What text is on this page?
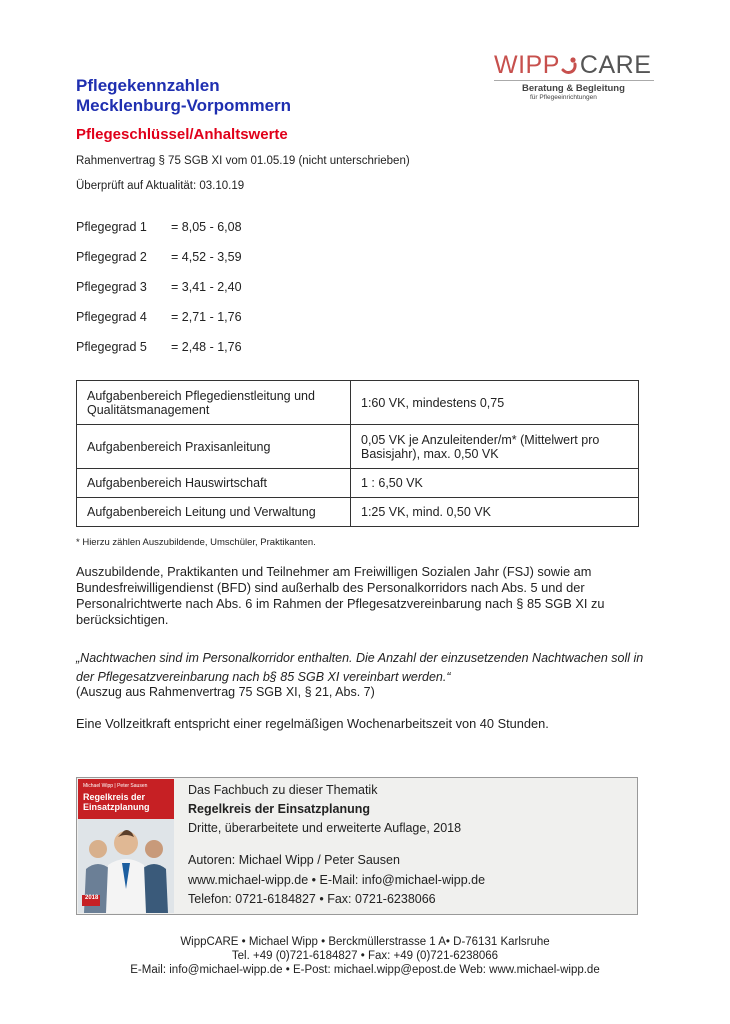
Pflegekennzahlen
Mecklenburg-Vorpommern
Pflegeschlüssel/Anhaltswerte
Rahmenvertrag § 75 SGB XI vom 01.05.19 (nicht unterschrieben)
Überprüft auf Aktualität: 03.10.19
WIPP CARE
Beratung & Begleitung
für Pflegeeinrichtungen
Pflegegrad 1 = 8,05 - 6,08
Pflegegrad 2 = 4,52 - 3,59
Pflegegrad 3 = 3,41 - 2,40
Pflegegrad 4 = 2,71 - 1,76
Pflegegrad 5 = 2,48 - 1,76
Aufgabenbereich Pflegedienstleitung und Qualitätsmanagement	1:60 VK, mindestens 0,75
Aufgabenbereich Praxisanleitung	0,05 VK je Anzuleitender/m* (Mittelwert pro Basisjahr), max. 0,50 VK
Aufgabenbereich Hauswirtschaft	1 : 6,50 VK
Aufgabenbereich Leitung und Verwaltung	1:25 VK, mind. 0,50 VK
* Hierzu zählen Auszubildende, Umschüler, Praktikanten.
Auszubildende, Praktikanten und Teilnehmer am Freiwilligen Sozialen Jahr (FSJ) sowie am Bundesfreiwilligendienst (BFD) sind außerhalb des Personalkorridors nach Abs. 5 und der Personalrichtwerte nach Abs. 6 im Rahmen der Pflegesatzvereinbarung nach § 85 SGB XI zu berücksichtigen.
„Nachtwachen sind im Personalkorridor enthalten. Die Anzahl der einzusetzenden Nachtwachen soll in der Pflegesatzvereinbarung nach b§ 85 SGB XI vereinbart werden.“
(Auszug aus Rahmenvertrag 75 SGB XI, § 21, Abs. 7)
Eine Vollzeitkraft entspricht einer regelmäßigen Wochenarbeitszeit von 40 Stunden.
Michael Wipp | Peter Sausen
Regelkreis der
Einsatzplanung
2018
Das Fachbuch zu dieser Thematik
Regelkreis der Einsatzplanung
Dritte, überarbeitete und erweiterte Auflage, 2018
Autoren: Michael Wipp / Peter Sausen
www.michael-wipp.de • E-Mail: info@michael-wipp.de
Telefon: 0721-6184827 • Fax: 0721-6238066
WippCARE • Michael Wipp • Berckmüllerstrasse 1 A• D-76131 Karlsruhe
Tel. +49 (0)721-6184827 • Fax: +49 (0)721-6238066
E-Mail: info@michael-wipp.de • E-Post: michael.wipp@epost.de Web: www.michael-wipp.de
